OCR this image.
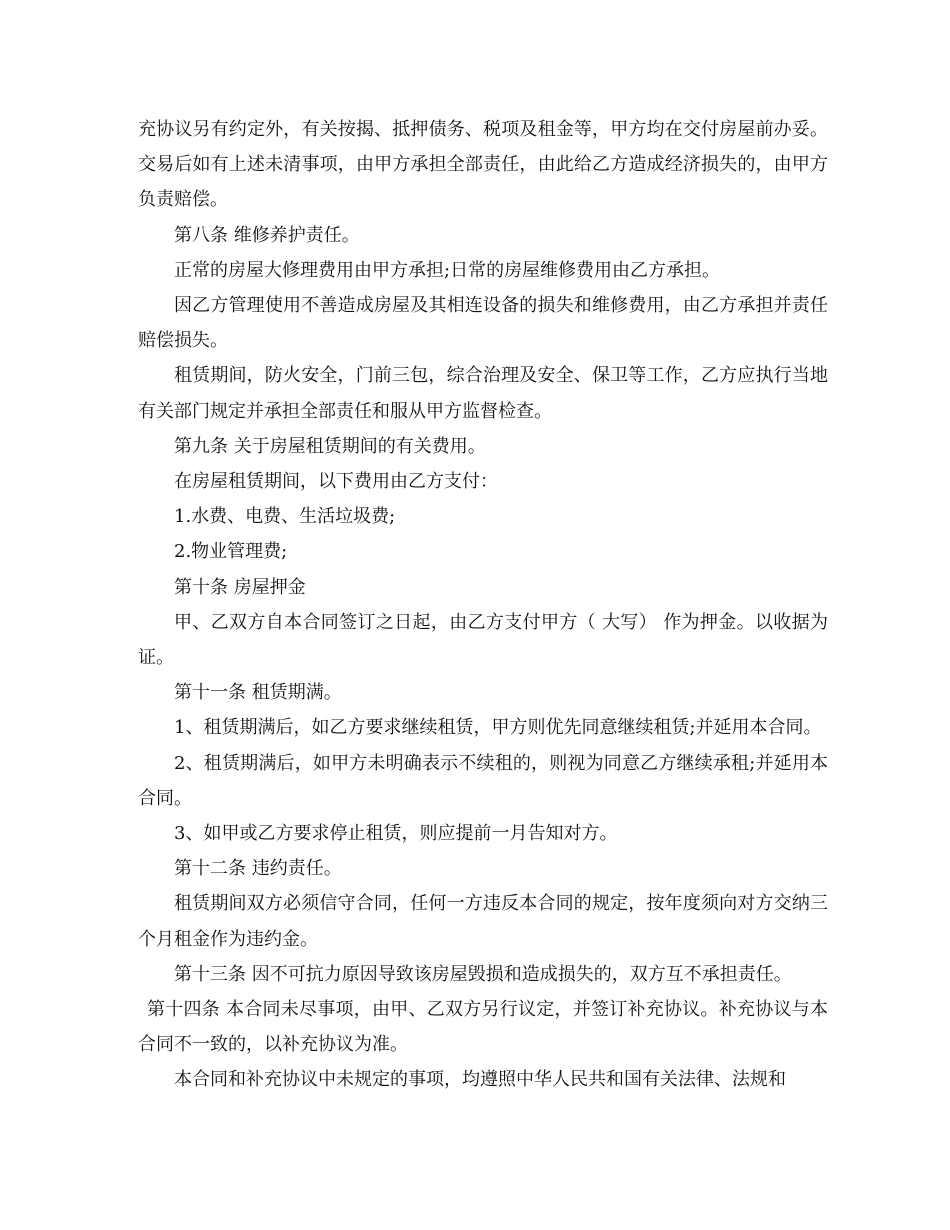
充协议另有约定外，有关按揭、抵押债务、税项及租金等，甲方均在交付房屋前办妥。交易后如有上述未清事项，由甲方承担全部责任，由此给乙方造成经济损失的，由甲方负责赔偿。

第八条 维修养护责任。

正常的房屋大修理费用由甲方承担;日常的房屋维修费用由乙方承担。

因乙方管理使用不善造成房屋及其相连设备的损失和维修费用，由乙方承担并责任赔偿损失。

租赁期间，防火安全，门前三包，综合治理及安全、保卫等工作，乙方应执行当地有关部门规定并承担全部责任和服从甲方监督检查。

第九条 关于房屋租赁期间的有关费用。

在房屋租赁期间，以下费用由乙方支付：

1.水费、电费、生活垃圾费;

2.物业管理费;

第十条 房屋押金

甲、乙双方自本合同签订之日起，由乙方支付甲方（ 大写） 作为押金。以收据为证。

第十一条 租赁期满。

1、租赁期满后，如乙方要求继续租赁，甲方则优先同意继续租赁;并延用本合同。

2、租赁期满后，如甲方未明确表示不续租的，则视为同意乙方继续承租;并延用本合同。

3、如甲或乙方要求停止租赁，则应提前一月告知对方。

第十二条 违约责任。

租赁期间双方必须信守合同，任何一方违反本合同的规定，按年度须向对方交纳三个月租金作为违约金。

第十三条 因不可抗力原因导致该房屋毁损和造成损失的，双方互不承担责任。

第十四条 本合同未尽事项，由甲、乙双方另行议定，并签订补充协议。补充协议与本合同不一致的，以补充协议为准。

本合同和补充协议中未规定的事项，均遵照中华人民共和国有关法律、法规和
